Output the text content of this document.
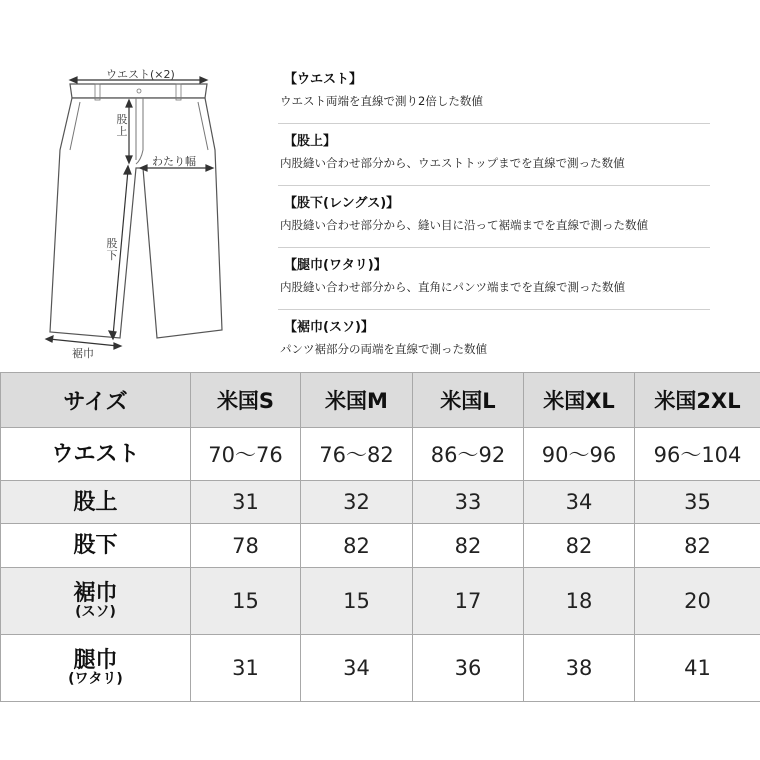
ウエスト(×2)
股上
わたり幅
股下
裾巾
【ウエスト】
ウエスト両端を直線で測り2倍した数値
【股上】
内股縫い合わせ部分から、ウエストトップまでを直線で測った数値
【股下(レングス)】
内股縫い合わせ部分から、縫い目に沿って裾端までを直線で測った数値
【腿巾(ワタリ)】
内股縫い合わせ部分から、直角にパンツ端までを直線で測った数値
【裾巾(スソ)】
パンツ裾部分の両端を直線で測った数値
サイズ	米国S	米国M	米国L	米国XL	米国2XL
ウエスト	70～76	76～82	86～92	90～96	96～104
股上	31	32	33	34	35
股下	78	82	82	82	82
裾巾
(スソ)	15	15	17	18	20
腿巾
(ワタリ)	31	34	36	38	41
